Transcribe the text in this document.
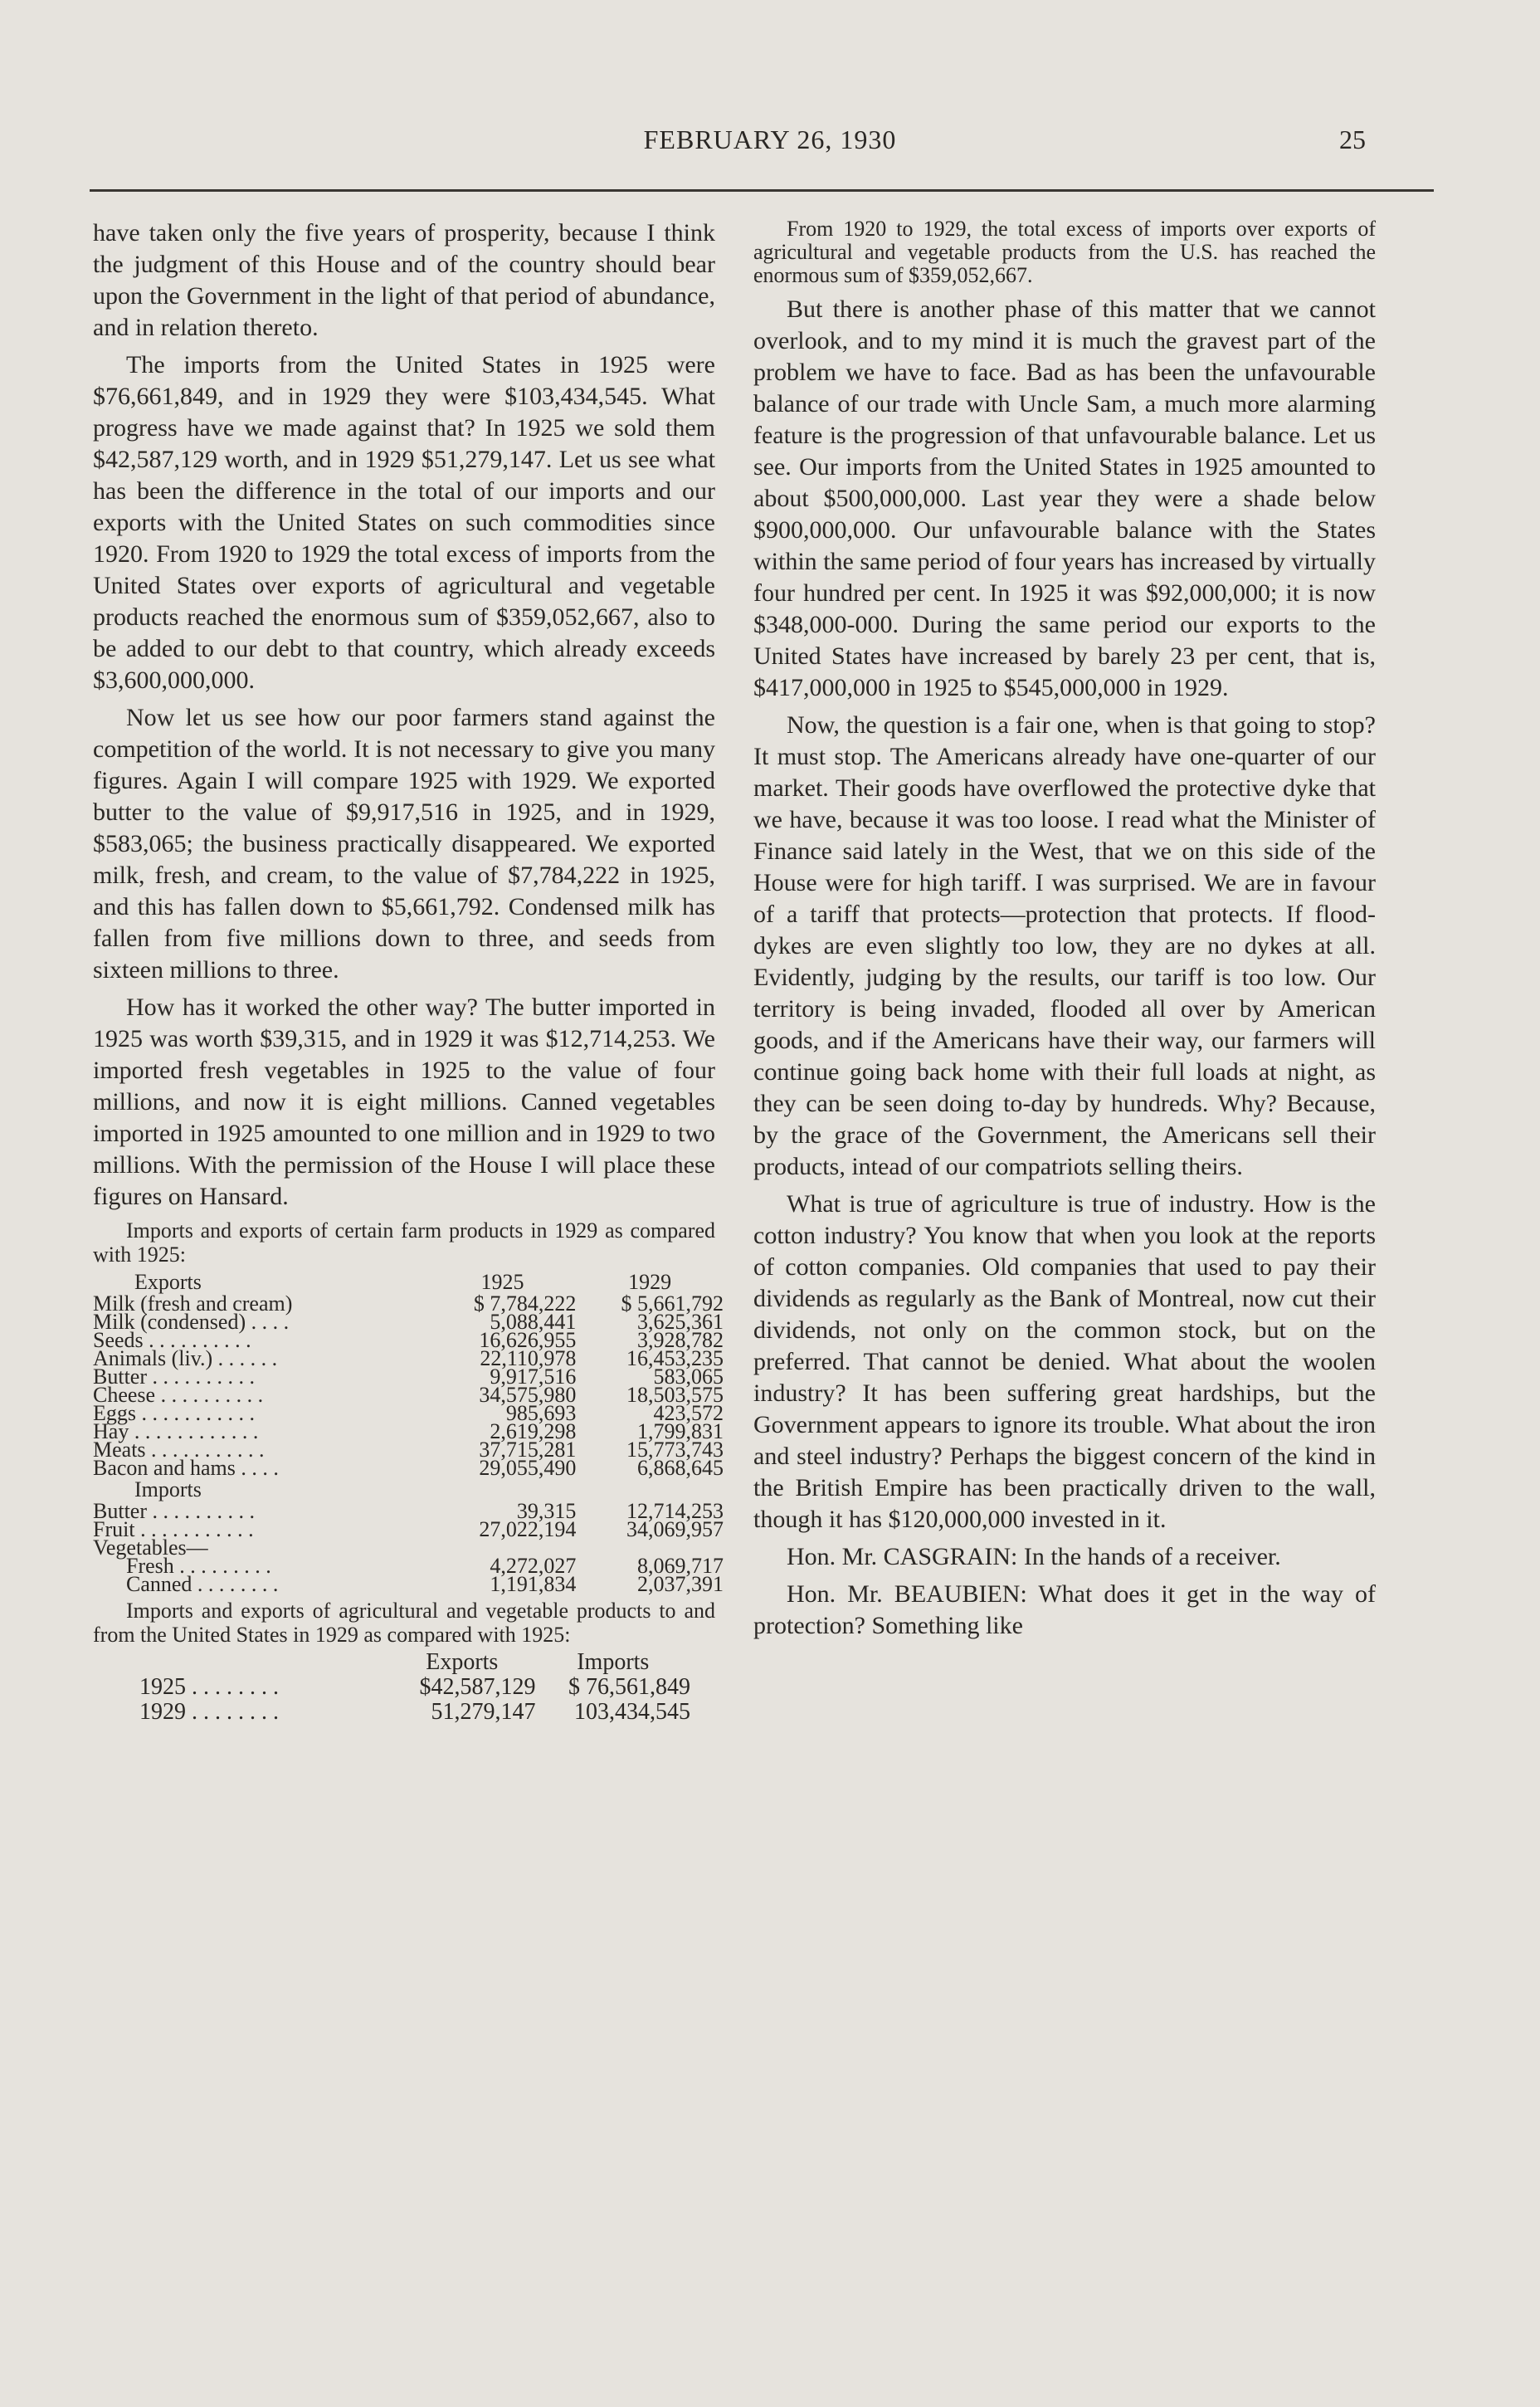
FEBRUARY 26, 1930	25

have taken only the five years of prosperity, because I think the judgment of this House and of the country should bear upon the Government in the light of that period of abundance, and in relation thereto.

The imports from the United States in 1925 were $76,661,849, and in 1929 they were $103,434,545. What progress have we made against that? In 1925 we sold them $42,587,129 worth, and in 1929 $51,279,147. Let us see what has been the difference in the total of our imports and our exports with the United States on such commodities since 1920. From 1920 to 1929 the total excess of imports from the United States over exports of agricultural and vegetable products reached the enormous sum of $359,052,667, also to be added to our debt to that country, which already exceeds $3,600,000,000.

Now let us see how our poor farmers stand against the competition of the world. It is not necessary to give you many figures. Again I will compare 1925 with 1929. We exported butter to the value of $9,917,516 in 1925, and in 1929, $583,065; the business practically disappeared. We exported milk, fresh, and cream, to the value of $7,784,222 in 1925, and this has fallen down to $5,661,792. Condensed milk has fallen from five millions down to three, and seeds from sixteen millions to three.

How has it worked the other way? The butter imported in 1925 was worth $39,315, and in 1929 it was $12,714,253. We imported fresh vegetables in 1925 to the value of four millions, and now it is eight millions. Canned vegetables imported in 1925 amounted to one million and in 1929 to two millions. With the permission of the House I will place these figures on Hansard.

Imports and exports of certain farm products in 1929 as compared with 1925:
Exports	1925	1929
Milk (fresh and cream)	$ 7,784,222	$ 5,661,792
Milk (condensed) . . . .	5,088,441	3,625,361
Seeds . . . . . . . . . .	16,626,955	3,928,782
Animals (liv.) . . . . . .	22,110,978	16,453,235
Butter . . . . . . . . . .	9,917,516	583,065
Cheese . . . . . . . . . .	34,575,980	18,503,575
Eggs . . . . . . . . . . .	985,693	423,572
Hay . . . . . . . . . . . .	2,619,298	1,799,831
Meats . . . . . . . . . . .	37,715,281	15,773,743
Bacon and hams . . . .	29,055,490	6,868,645
Imports		
Butter . . . . . . . . . .	39,315	12,714,253
Fruit . . . . . . . . . . .	27,022,194	34,069,957
Vegetables—		
Fresh . . . . . . . . .	4,272,027	8,069,717
Canned . . . . . . . .	1,191,834	2,037,391
Imports and exports of agricultural and vegetable products to and from the United States in 1929 as compared with 1925:
	Exports	Imports
1925 . . . . . . . .	$42,587,129	$ 76,561,849
1929 . . . . . . . .	51,279,147	103,434,545

From 1920 to 1929, the total excess of imports over exports of agricultural and vegetable products from the U.S. has reached the enormous sum of $359,052,667.

But there is another phase of this matter that we cannot overlook, and to my mind it is much the gravest part of the problem we have to face. Bad as has been the unfavourable balance of our trade with Uncle Sam, a much more alarming feature is the progression of that unfavourable balance. Let us see. Our imports from the United States in 1925 amounted to about $500,000,000. Last year they were a shade below $900,000,000. Our unfavourable balance with the States within the same period of four years has increased by virtually four hundred per cent. In 1925 it was $92,000,000; it is now $348,000-000. During the same period our exports to the United States have increased by barely 23 per cent, that is, $417,000,000 in 1925 to $545,000,000 in 1929.

Now, the question is a fair one, when is that going to stop? It must stop. The Americans already have one-quarter of our market. Their goods have overflowed the protective dyke that we have, because it was too loose. I read what the Minister of Finance said lately in the West, that we on this side of the House were for high tariff. I was surprised. We are in favour of a tariff that protects—protection that protects. If flood-dykes are even slightly too low, they are no dykes at all. Evidently, judging by the results, our tariff is too low. Our territory is being invaded, flooded all over by American goods, and if the Americans have their way, our farmers will continue going back home with their full loads at night, as they can be seen doing to-day by hundreds. Why? Because, by the grace of the Government, the Americans sell their products, intead of our compatriots selling theirs.

What is true of agriculture is true of industry. How is the cotton industry? You know that when you look at the reports of cotton companies. Old companies that used to pay their dividends as regularly as the Bank of Montreal, now cut their dividends, not only on the common stock, but on the preferred. That cannot be denied. What about the woolen industry? It has been suffering great hardships, but the Government appears to ignore its trouble. What about the iron and steel industry? Perhaps the biggest concern of the kind in the British Empire has been practically driven to the wall, though it has $120,000,000 invested in it.

Hon. Mr. CASGRAIN: In the hands of a receiver.

Hon. Mr. BEAUBIEN: What does it get in the way of protection? Something like
